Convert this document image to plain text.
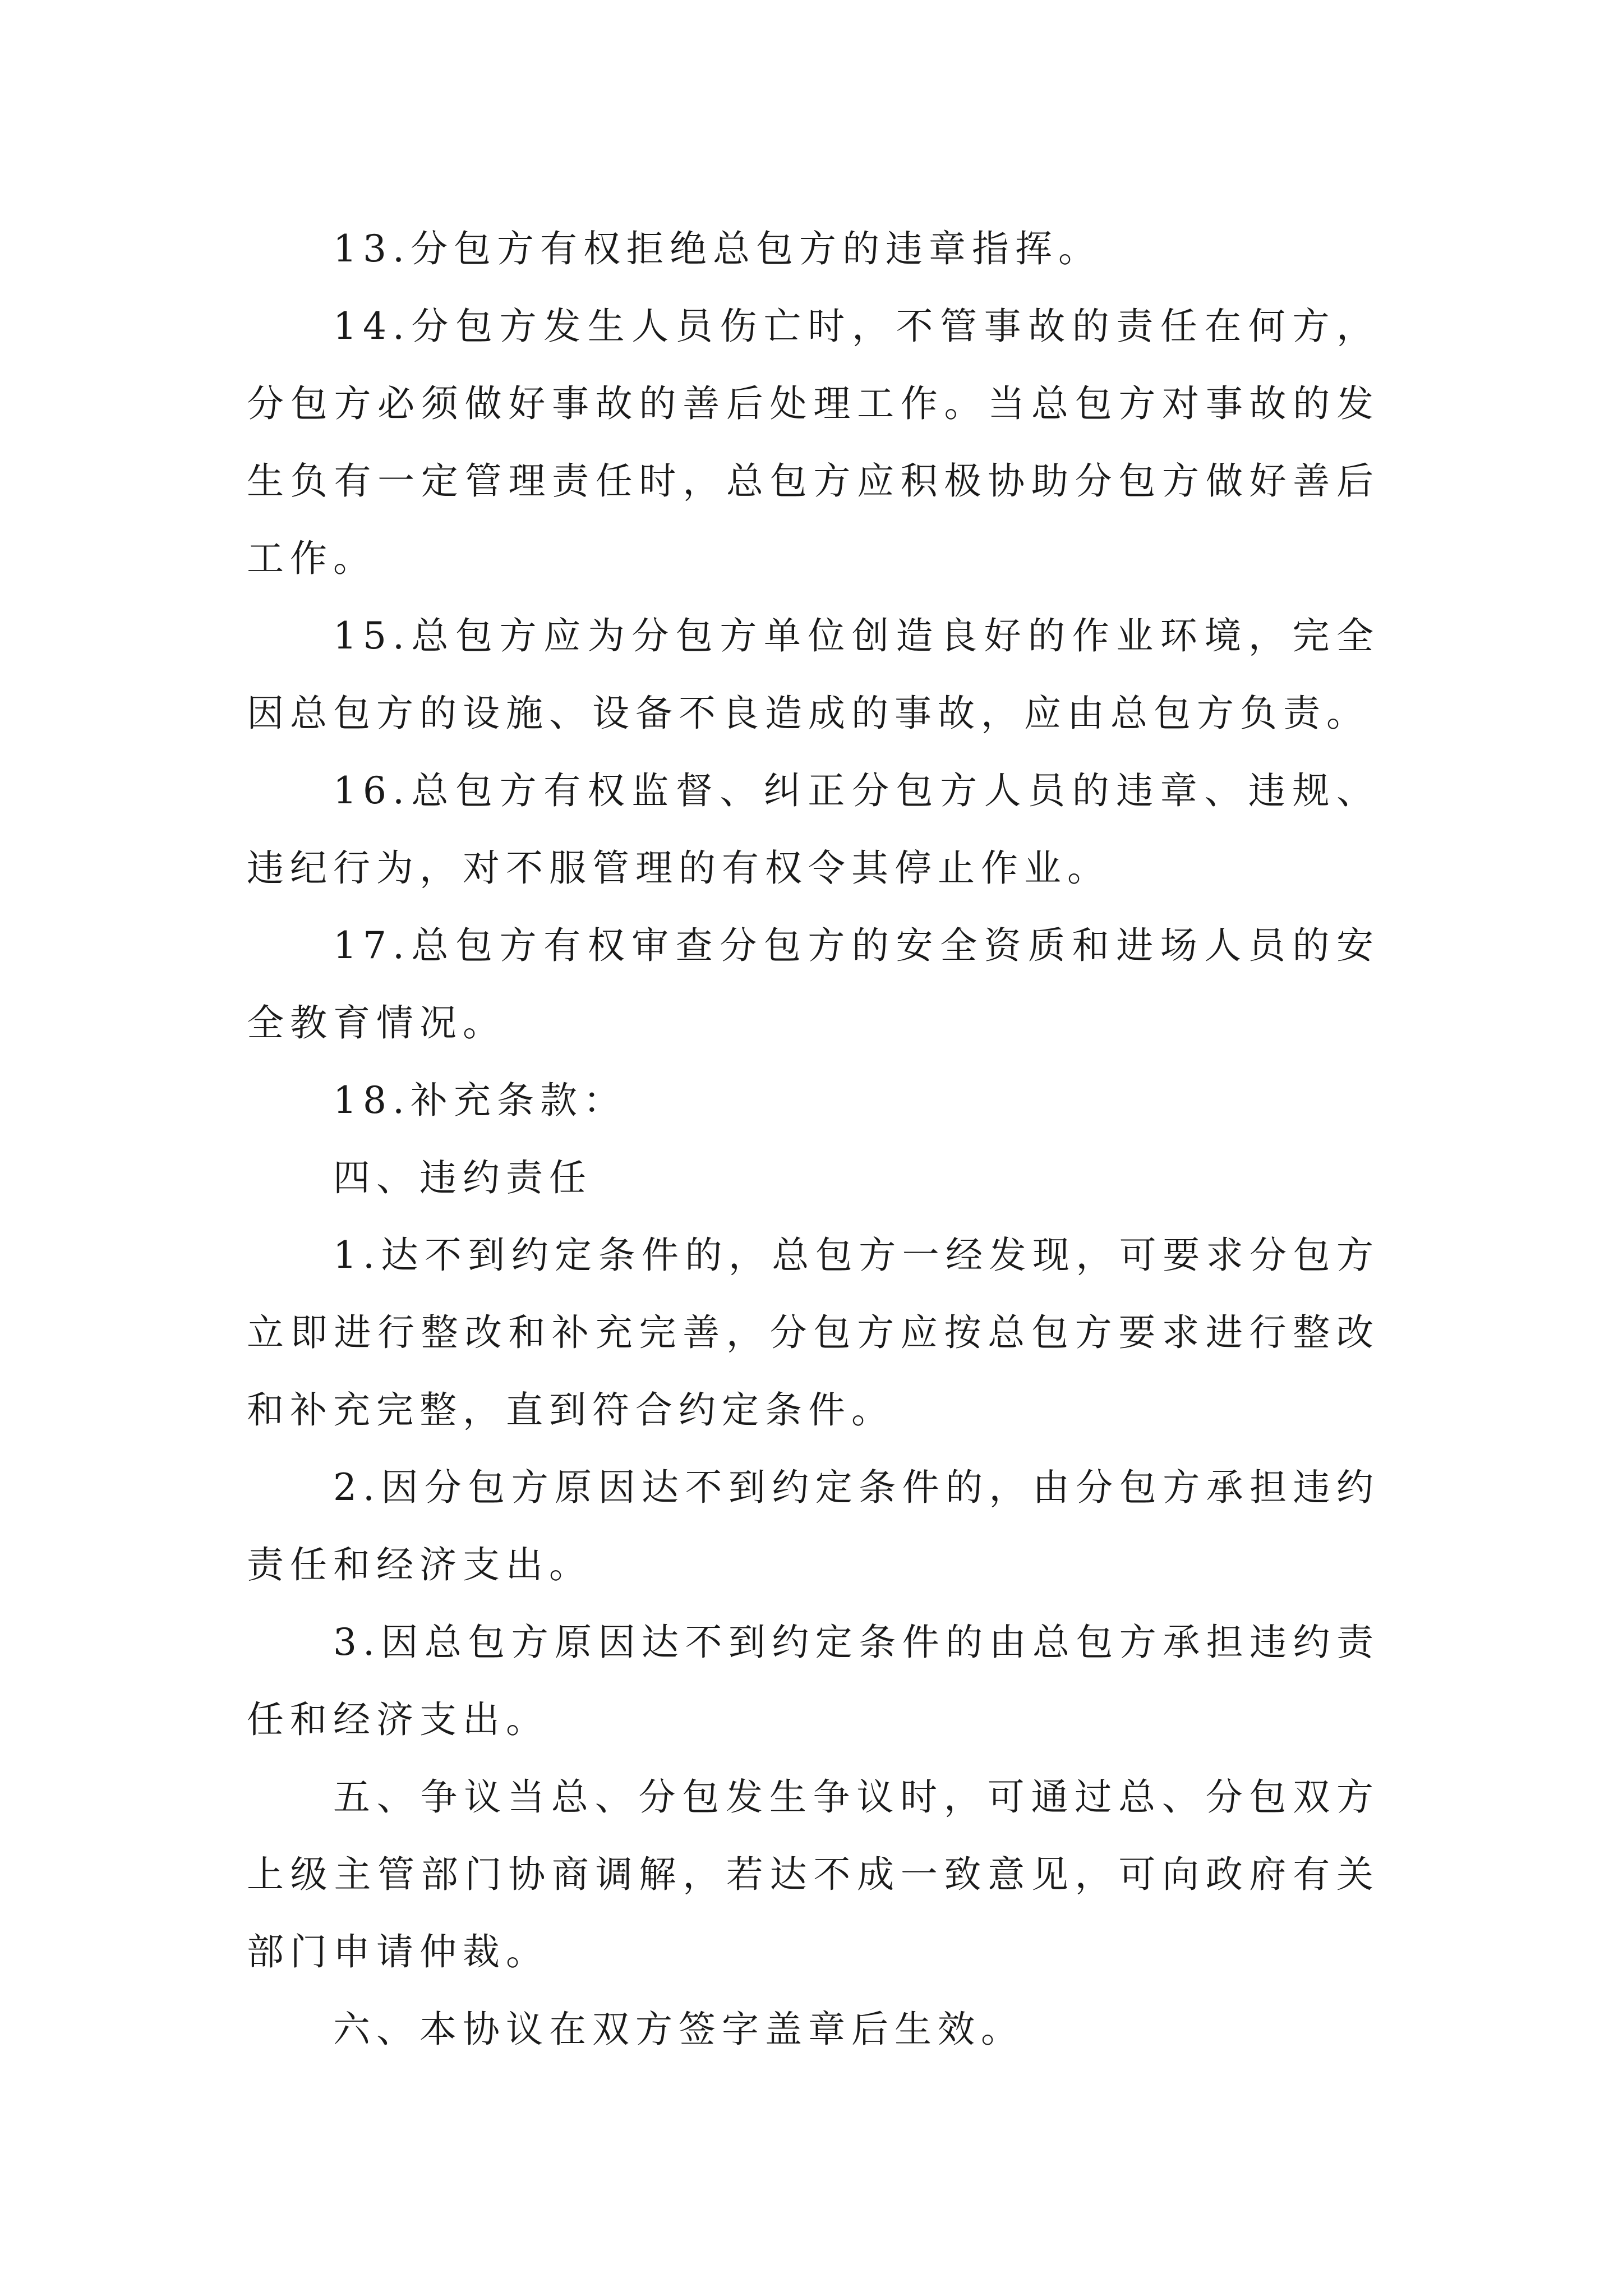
13.分包方有权拒绝总包方的违章指挥。

14.分包方发生人员伤亡时，不管事故的责任在何方，分包方必须做好事故的善后处理工作。当总包方对事故的发生负有一定管理责任时，总包方应积极协助分包方做好善后工作。

15.总包方应为分包方单位创造良好的作业环境，完全因总包方的设施、设备不良造成的事故，应由总包方负责。

16.总包方有权监督、纠正分包方人员的违章、违规、违纪行为，对不服管理的有权令其停止作业。

17.总包方有权审查分包方的安全资质和进场人员的安全教育情况。

18.补充条款：

四、违约责任

1.达不到约定条件的，总包方一经发现，可要求分包方立即进行整改和补充完善，分包方应按总包方要求进行整改和补充完整，直到符合约定条件。

2.因分包方原因达不到约定条件的，由分包方承担违约责任和经济支出。

3.因总包方原因达不到约定条件的由总包方承担违约责任和经济支出。

五、争议当总、分包发生争议时，可通过总、分包双方上级主管部门协商调解，若达不成一致意见，可向政府有关部门申请仲裁。

六、本协议在双方签字盖章后生效。
